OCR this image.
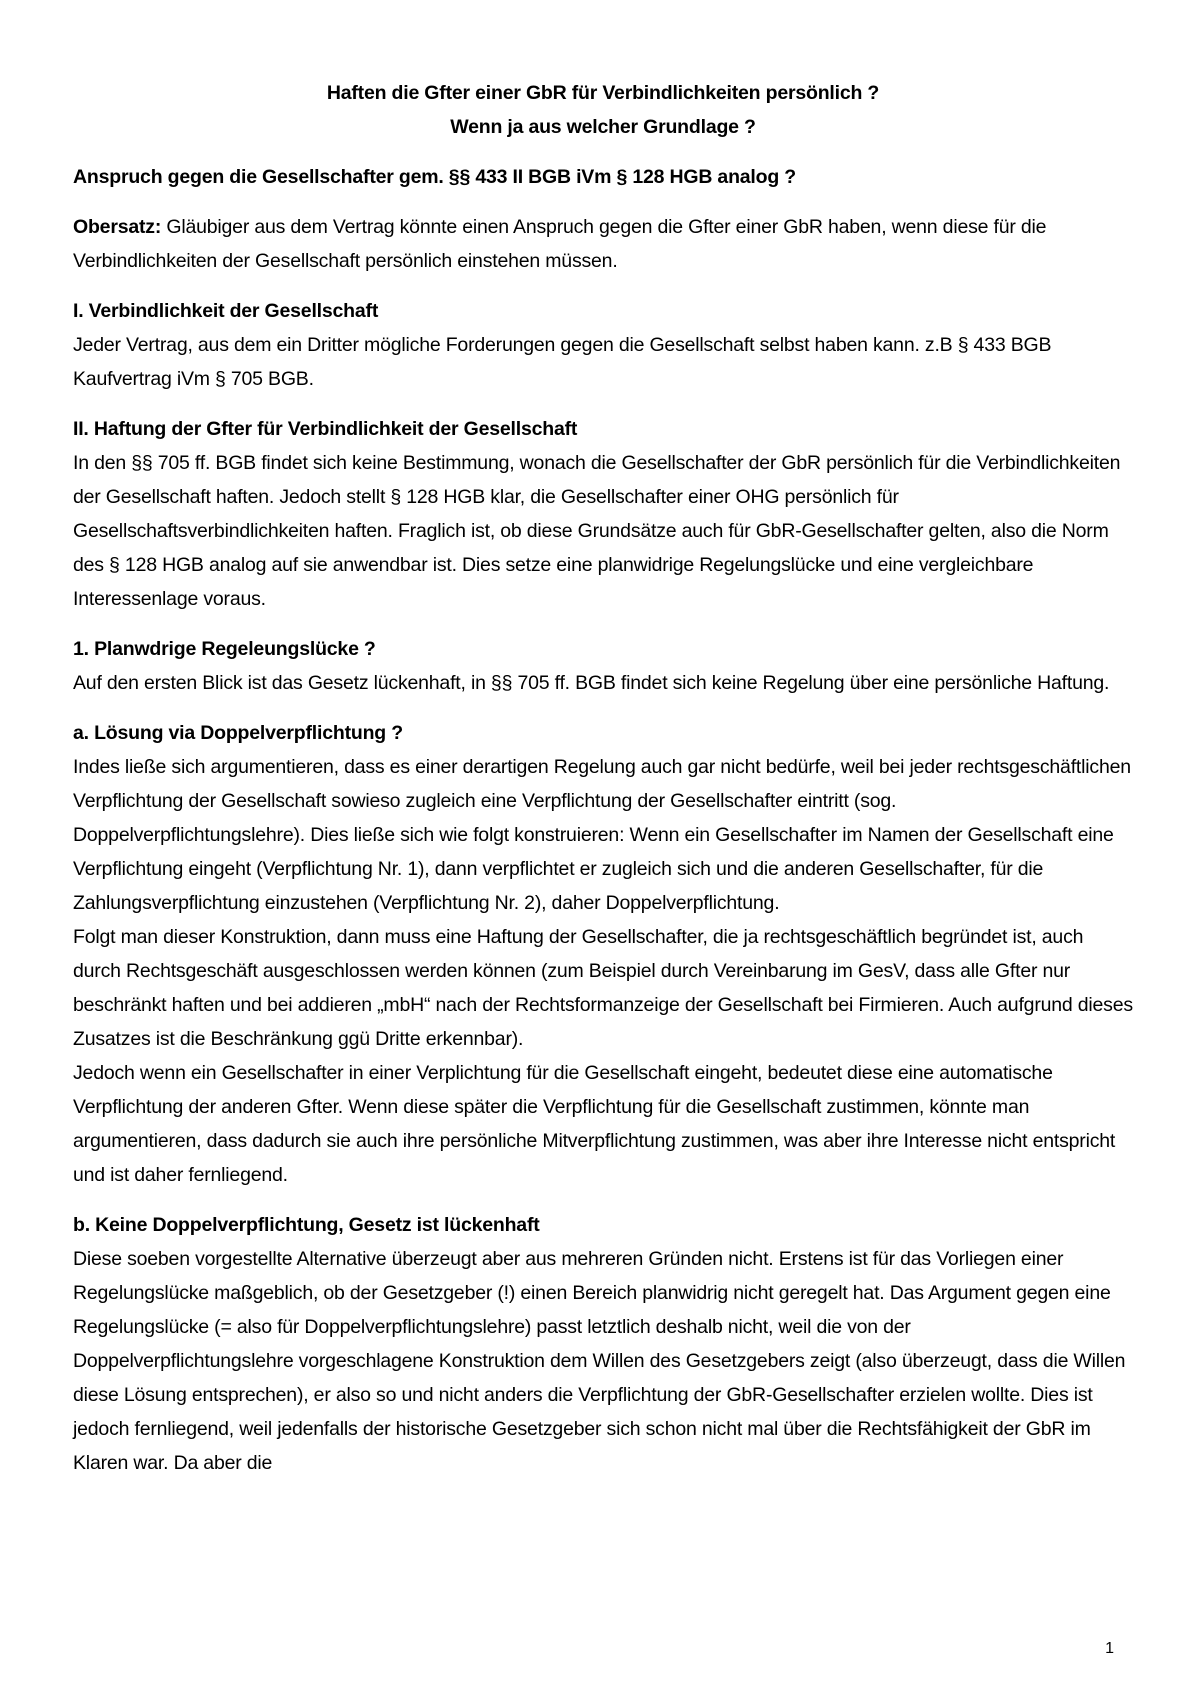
Haften die Gfter einer GbR für Verbindlichkeiten persönlich ?
Wenn ja aus welcher Grundlage ?

Anspruch gegen die Gesellschafter gem. §§ 433 II BGB iVm § 128 HGB analog ?

Obersatz: Gläubiger aus dem Vertrag könnte einen Anspruch gegen die Gfter einer GbR haben, wenn diese für die Verbindlichkeiten der Gesellschaft persönlich einstehen müssen.

I. Verbindlichkeit der Gesellschaft
Jeder Vertrag, aus dem ein Dritter mögliche Forderungen gegen die Gesellschaft selbst haben kann. z.B § 433 BGB Kaufvertrag iVm § 705 BGB.
II. Haftung der Gfter für Verbindlichkeit der Gesellschaft
In den §§ 705 ff. BGB findet sich keine Bestimmung, wonach die Gesellschafter der GbR persönlich für die Verbindlichkeiten der Gesellschaft haften. Jedoch stellt § 128 HGB klar, die Gesellschafter einer OHG persönlich für Gesellschaftsverbindlichkeiten haften. Fraglich ist, ob diese Grundsätze auch für GbR-Gesellschafter gelten, also die Norm des § 128 HGB analog auf sie anwendbar ist. Dies setze eine planwidrige Regelungslücke und eine vergleichbare Interessenlage voraus.
1. Planwdrige Regeleungslücke ?
Auf den ersten Blick ist das Gesetz lückenhaft, in §§ 705 ff. BGB findet sich keine Regelung über eine persönliche Haftung.
a. Lösung via Doppelverpflichtung ?
Indes ließe sich argumentieren, dass es einer derartigen Regelung auch gar nicht bedürfe, weil bei jeder rechtsgeschäftlichen Verpflichtung der Gesellschaft sowieso zugleich eine Verpflichtung der Gesellschafter eintritt (sog. Doppelverpflichtungslehre). Dies ließe sich wie folgt konstruieren: Wenn ein Gesellschafter im Namen der Gesellschaft eine Verpflichtung eingeht (Verpflichtung Nr. 1), dann verpflichtet er zugleich sich und die anderen Gesellschafter, für die Zahlungsverpflichtung einzustehen (Verpflichtung Nr. 2), daher Doppelverpflichtung.
Folgt man dieser Konstruktion, dann muss eine Haftung der Gesellschafter, die ja rechtsgeschäftlich begründet ist, auch durch Rechtsgeschäft ausgeschlossen werden können (zum Beispiel durch Vereinbarung im GesV, dass alle Gfter nur beschränkt haften und bei addieren „mbH“ nach der Rechtsformanzeige der Gesellschaft bei Firmieren. Auch aufgrund dieses Zusatzes ist die Beschränkung ggü Dritte erkennbar).
Jedoch wenn ein Gesellschafter in einer Verplichtung für die Gesellschaft eingeht, bedeutet diese eine automatische Verpflichtung der anderen Gfter. Wenn diese später die Verpflichtung für die Gesellschaft zustimmen, könnte man argumentieren, dass dadurch sie auch ihre persönliche Mitverpflichtung zustimmen, was aber ihre Interesse nicht entspricht und ist daher fernliegend.
b. Keine Doppelverpflichtung, Gesetz ist lückenhaft
Diese soeben vorgestellte Alternative überzeugt aber aus mehreren Gründen nicht. Erstens ist für das Vorliegen einer Regelungslücke maßgeblich, ob der Gesetzgeber (!) einen Bereich planwidrig nicht geregelt hat. Das Argument gegen eine Regelungslücke (= also für Doppelverpflichtungslehre) passt letztlich deshalb nicht, weil die von der Doppelverpflichtungslehre vorgeschlagene Konstruktion dem Willen des Gesetzgebers zeigt (also überzeugt, dass die Willen diese Lösung entsprechen), er also so und nicht anders die Verpflichtung der GbR-Gesellschafter erzielen wollte. Dies ist jedoch fernliegend, weil jedenfalls der historische Gesetzgeber sich schon nicht mal über die Rechtsfähigkeit der GbR im Klaren war. Da aber die
1
